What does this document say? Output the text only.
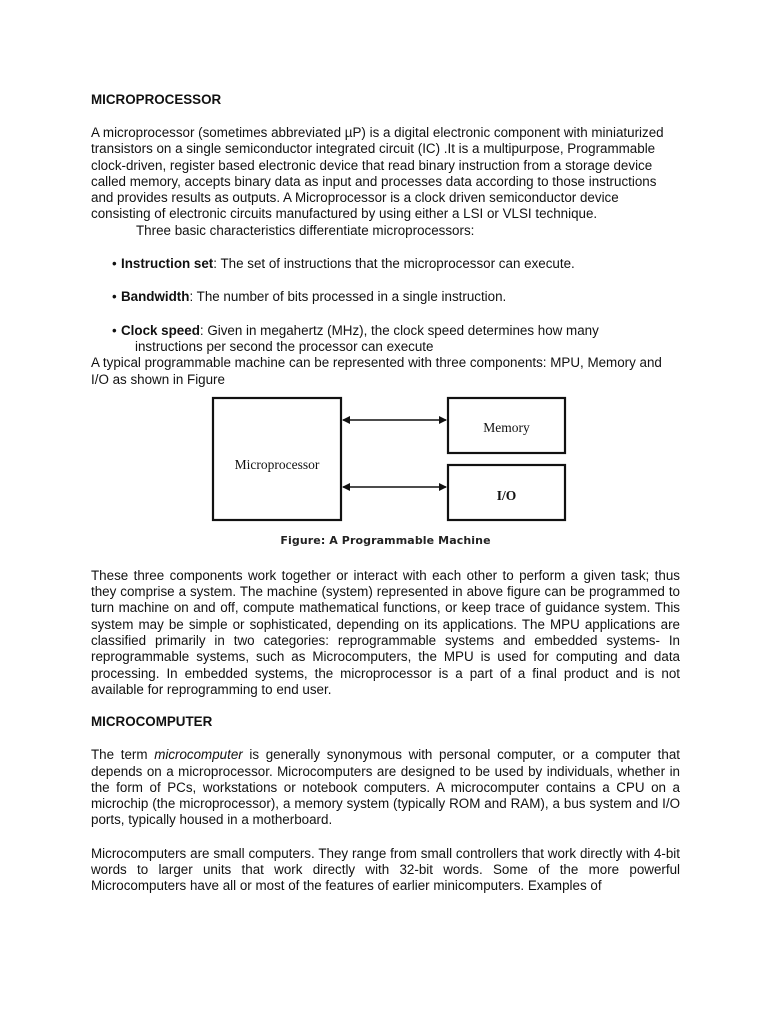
MICROPROCESSOR

A microprocessor (sometimes abbreviated µP) is a digital electronic component with miniaturized transistors on a single semiconductor integrated circuit (IC) .It is a multipurpose, Programmable clock-driven, register based electronic device that read binary instruction from a storage device called memory, accepts binary data as input and processes data according to those instructions and provides results as outputs. A Microprocessor is a clock driven semiconductor device consisting of electronic circuits manufactured by using either a LSI or VLSI technique.

Three basic characteristics differentiate microprocessors:

• Instruction set: The set of instructions that the microprocessor can execute.
• Bandwidth: The number of bits processed in a single instruction.
• Clock speed: Given in megahertz (MHz), the clock speed determines how many instructions per second the processor can execute

A typical programmable machine can be represented with three components: MPU, Memory and I/O as shown in Figure

Microprocessor
Memory
I/O
Figure: A Programmable Machine

These three components work together or interact with each other to perform a given task; thus they comprise a system. The machine (system) represented in above figure can be programmed to turn machine on and off, compute mathematical functions, or keep trace of guidance system. This system may be simple or sophisticated, depending on its applications. The MPU applications are classified primarily in two categories: reprogrammable systems and embedded systems- In reprogrammable systems, such as Microcomputers, the MPU is used for computing and data processing. In embedded systems, the microprocessor is a part of a final product and is not available for reprogramming to end user.

MICROCOMPUTER

The term microcomputer is generally synonymous with personal computer, or a computer that depends on a microprocessor. Microcomputers are designed to be used by individuals, whether in the form of PCs, workstations or notebook computers. A microcomputer contains a CPU on a microchip (the microprocessor), a memory system (typically ROM and RAM), a bus system and I/O ports, typically housed in a motherboard.

Microcomputers are small computers. They range from small controllers that work directly with 4-bit words to larger units that work directly with 32-bit words. Some of the more powerful Microcomputers have all or most of the features of earlier minicomputers. Examples of
